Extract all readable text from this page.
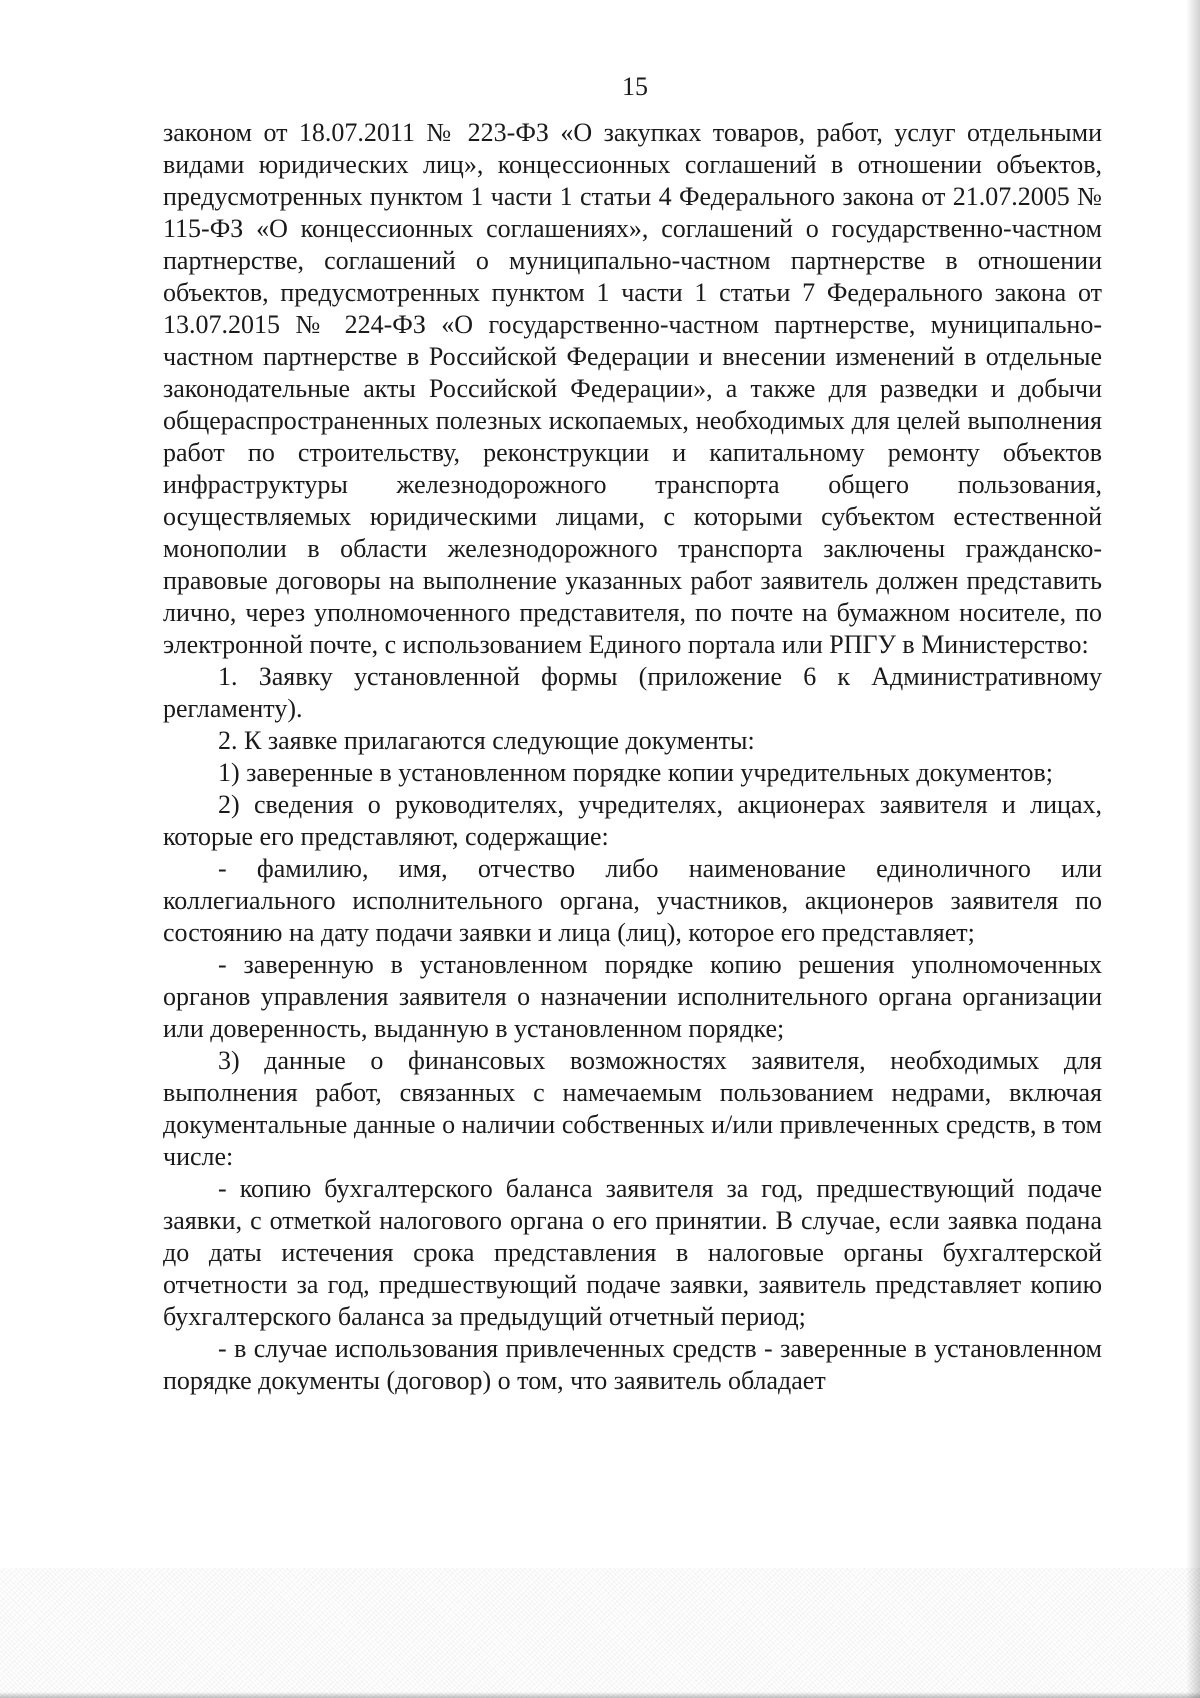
15

законом от 18.07.2011 № 223-ФЗ «О закупках товаров, работ, услуг отдельными видами юридических лиц», концессионных соглашений в отношении объектов, предусмотренных пунктом 1 части 1 статьи 4 Федерального закона от 21.07.2005 № 115-ФЗ «О концессионных соглашениях», соглашений о государственно-частном партнерстве, соглашений о муниципально-частном партнерстве в отношении объектов, предусмотренных пунктом 1 части 1 статьи 7 Федерального закона от 13.07.2015 № 224-ФЗ «О государственно-частном партнерстве, муниципально-частном партнерстве в Российской Федерации и внесении изменений в отдельные законодательные акты Российской Федерации», а также для разведки и добычи общераспространенных полезных ископаемых, необходимых для целей выполнения работ по строительству, реконструкции и капитальному ремонту объектов инфраструктуры железнодорожного транспорта общего пользования, осуществляемых юридическими лицами, с которыми субъектом естественной монополии в области железнодорожного транспорта заключены гражданско-правовые договоры на выполнение указанных работ заявитель должен представить лично, через уполномоченного представителя, по почте на бумажном носителе, по электронной почте, с использованием Единого портала или РПГУ в Министерство:

1. Заявку установленной формы (приложение 6 к Административному регламенту).

2. К заявке прилагаются следующие документы:

1) заверенные в установленном порядке копии учредительных документов;

2) сведения о руководителях, учредителях, акционерах заявителя и лицах, которые его представляют, содержащие:

- фамилию, имя, отчество либо наименование единоличного или коллегиального исполнительного органа, участников, акционеров заявителя по состоянию на дату подачи заявки и лица (лиц), которое его представляет;

- заверенную в установленном порядке копию решения уполномоченных органов управления заявителя о назначении исполнительного органа организации или доверенность, выданную в установленном порядке;

3) данные о финансовых возможностях заявителя, необходимых для выполнения работ, связанных с намечаемым пользованием недрами, включая документальные данные о наличии собственных и/или привлеченных средств, в том числе:

- копию бухгалтерского баланса заявителя за год, предшествующий подаче заявки, с отметкой налогового органа о его принятии. В случае, если заявка подана до даты истечения срока представления в налоговые органы бухгалтерской отчетности за год, предшествующий подаче заявки, заявитель представляет копию бухгалтерского баланса за предыдущий отчетный период;

- в случае использования привлеченных средств - заверенные в установленном порядке документы (договор) о том, что заявитель обладает
